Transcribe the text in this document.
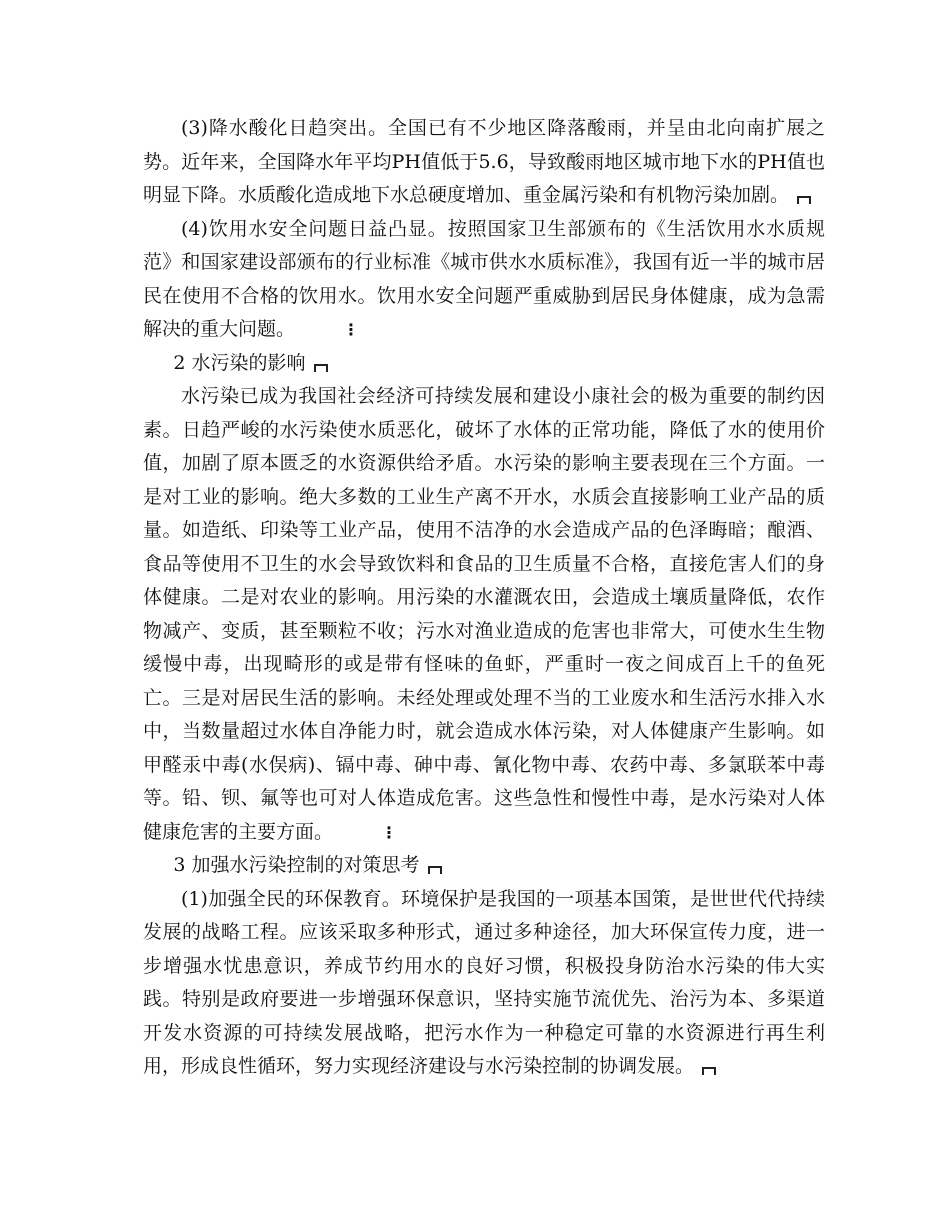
(3)降水酸化日趋突出。全国已有不少地区降落酸雨，并呈由北向南扩展之势。近年来，全国降水年平均PH值低于5.6，导致酸雨地区城市地下水的PH值也明显下降。水质酸化造成地下水总硬度增加、重金属污染和有机物污染加剧。

(4)饮用水安全问题日益凸显。按照国家卫生部颁布的《生活饮用水水质规范》和国家建设部颁布的行业标准《城市供水水质标准》，我国有近一半的城市居民在使用不合格的饮用水。饮用水安全问题严重威胁到居民身体健康，成为急需解决的重大问题。	⋮

2 水污染的影响

水污染已成为我国社会经济可持续发展和建设小康社会的极为重要的制约因素。日趋严峻的水污染使水质恶化，破坏了水体的正常功能，降低了水的使用价值，加剧了原本匮乏的水资源供给矛盾。水污染的影响主要表现在三个方面。一是对工业的影响。绝大多数的工业生产离不开水，水质会直接影响工业产品的质量。如造纸、印染等工业产品，使用不洁净的水会造成产品的色泽晦暗；酿酒、食品等使用不卫生的水会导致饮料和食品的卫生质量不合格，直接危害人们的身体健康。二是对农业的影响。用污染的水灌溉农田，会造成土壤质量降低，农作物减产、变质，甚至颗粒不收；污水对渔业造成的危害也非常大，可使水生生物缓慢中毒，出现畸形的或是带有怪味的鱼虾，严重时一夜之间成百上千的鱼死亡。三是对居民生活的影响。未经处理或处理不当的工业废水和生活污水排入水中，当数量超过水体自净能力时，就会造成水体污染，对人体健康产生影响。如甲醛汞中毒(水俣病)、镉中毒、砷中毒、氰化物中毒、农药中毒、多氯联苯中毒等。铅、钡、氟等也可对人体造成危害。这些急性和慢性中毒，是水污染对人体健康危害的主要方面。	⋮

3 加强水污染控制的对策思考

(1)加强全民的环保教育。环境保护是我国的一项基本国策，是世世代代持续发展的战略工程。应该采取多种形式，通过多种途径，加大环保宣传力度，进一步增强水忧患意识，养成节约用水的良好习惯，积极投身防治水污染的伟大实践。特别是政府要进一步增强环保意识，坚持实施节流优先、治污为本、多渠道开发水资源的可持续发展战略，把污水作为一种稳定可靠的水资源进行再生利用，形成良性循环，努力实现经济建设与水污染控制的协调发展。
